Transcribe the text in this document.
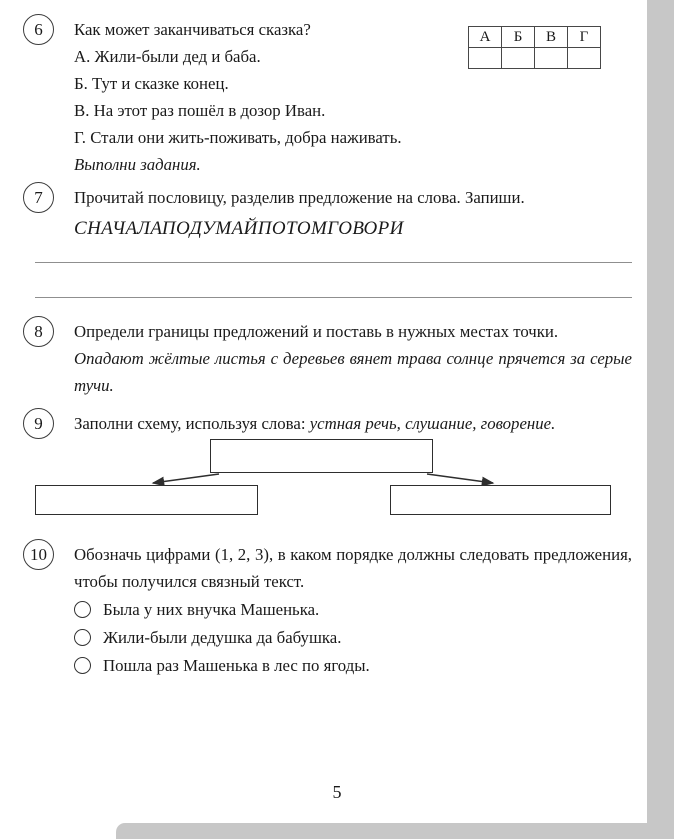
А	Б	В	Г

6	Как может заканчиваться сказка?
А. Жили-были дед и баба.
Б. Тут и сказке конец.
В. На этот раз пошёл в дозор Иван.
Г. Стали они жить-поживать, добра наживать.
Выполни задания.
7	Прочитай пословицу, разделив предложение на слова. Запиши.
СНАЧАЛАПОДУМАЙПОТОМГОВОРИ
8	Определи границы предложений и поставь в нужных местах точки.
Опадают жёлтые листья с деревьев вянет трава солнце прячется за серые тучи.
9	Заполни схему, используя слова: устная речь, слушание, говорение.
10	Обозначь цифрами (1, 2, 3), в каком порядке должны следовать предложения, чтобы получился связный текст.
Была у них внучка Машенька.
Жили-были дедушка да бабушка.
Пошла раз Машенька в лес по ягоды.
5
